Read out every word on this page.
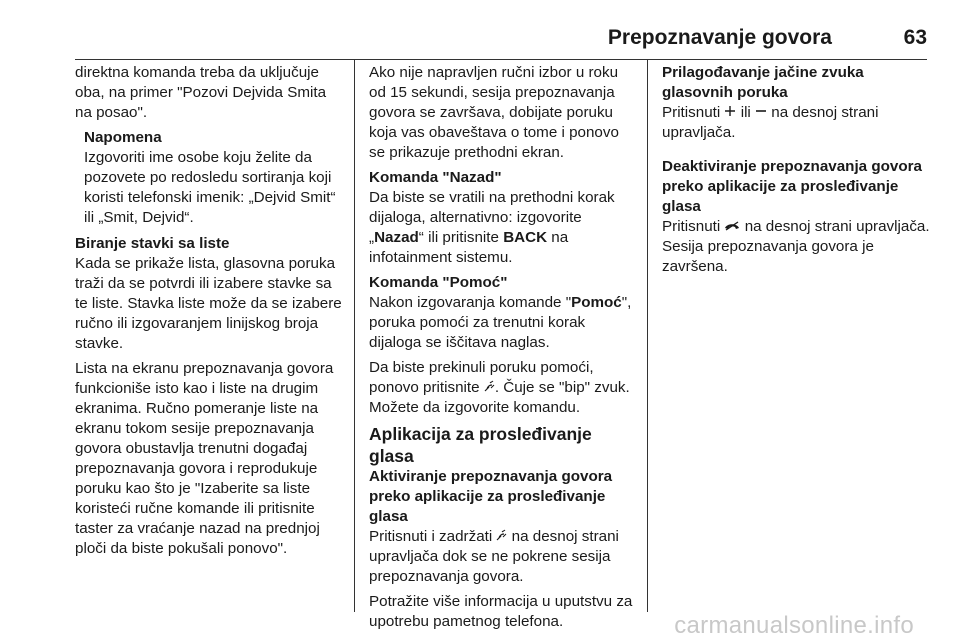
Prepoznavanje govora	63

direktna komanda treba da uključuje oba, na primer "Pozovi Dejvida Smita na posao".

Napomena

Izgovoriti ime osobe koju želite da pozovete po redosledu sortiranja koji koristi telefonski imenik: „Dejvid Smit“ ili „Smit, Dejvid“.

Biranje stavki sa liste

Kada se prikaže lista, glasovna poruka traži da se potvrdi ili izabere stavke sa te liste. Stavka liste može da se izabere ručno ili izgovaranjem linijskog broja stavke.

Lista na ekranu prepoznavanja govora funkcioniše isto kao i liste na drugim ekranima. Ručno pomeranje liste na ekranu tokom sesije prepoznavanja govora obustavlja trenutni događaj prepoznavanja govora i reprodukuje poruku kao što je "Izaberite sa liste koristeći ručne komande ili pritisnite taster za vraćanje nazad na prednjoj ploči da biste pokušali ponovo".

Ako nije napravljen ručni izbor u roku od 15 sekundi, sesija prepoznavanja govora se završava, dobijate poruku koja vas obaveštava o tome i ponovo se prikazuje prethodni ekran.

Komanda "Nazad"

Da biste se vratili na prethodni korak dijaloga, alternativno: izgovorite „Nazad“ ili pritisnite BACK na infotainment sistemu.

Komanda "Pomoć"

Nakon izgovaranja komande "Pomoć", poruka pomoći za trenutni korak dijaloga se iščitava naglas.

Da biste prekinuli poruku pomoći, ponovo pritisnite . Čuje se "bip" zvuk. Možete da izgovorite komandu.

Aplikacija za prosleđivanje glasa

Aktiviranje prepoznavanja govora preko aplikacije za prosleđivanje glasa

Pritisnuti i zadržati  na desnoj strani upravljača dok se ne pokrene sesija prepoznavanja govora.

Potražite više informacija u uputstvu za upotrebu pametnog telefona.

Prilagođavanje jačine zvuka glasovnih poruka

Pritisnuti  ili  na desnoj strani upravljača.

Deaktiviranje prepoznavanja govora preko aplikacije za prosleđivanje glasa

Pritisnuti  na desnoj strani upravljača. Sesija prepoznavanja govora je završena.

carmanualsonline.info
